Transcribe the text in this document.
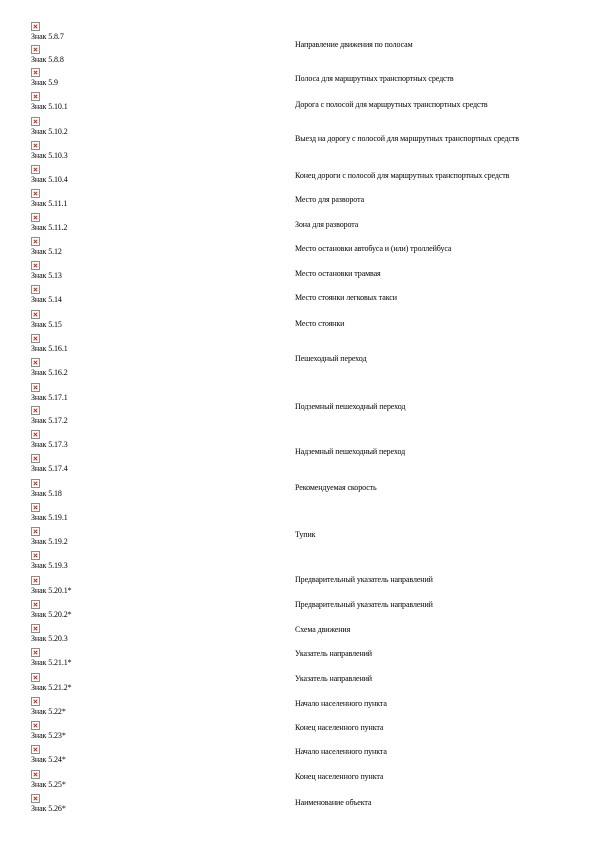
Знак 5.8.7
Знак 5.8.8
Знак 5.9
Знак 5.10.1
Знак 5.10.2
Знак 5.10.3
Знак 5.10.4
Знак 5.11.1
Знак 5.11.2
Знак 5.12
Знак 5.13
Знак 5.14
Знак 5.15
Знак 5.16.1
Знак 5.16.2
Знак 5.17.1
Знак 5.17.2
Знак 5.17.3
Знак 5.17.4
Знак 5.18
Знак 5.19.1
Знак 5.19.2
Знак 5.19.3
Знак 5.20.1*
Знак 5.20.2*
Знак 5.20.3
Знак 5.21.1*
Знак 5.21.2*
Знак 5.22*
Знак 5.23*
Знак 5.24*
Знак 5.25*
Знак 5.26*
Направление движения по полосам
Полоса для маршрутных транспортных средств
Дорога с полосой для маршрутных транспортных средств
Выезд на дорогу с полосой для маршрутных транспортных средств
Конец дороги с полосой для маршрутных транспортных средств
Место для разворота
Зона для разворота
Место остановки автобуса и (или) троллейбуса
Место остановки трамвая
Место стоянки легковых такси
Место стоянки
Пешеходный переход
Подземный пешеходный переход
Надземный пешеходный переход
Рекомендуемая скорость
Тупик
Предварительный указатель направлений
Предварительный указатель направлений
Схема движения
Указатель направлений
Указатель направлений
Начало населенного пункта
Конец населенного пункта
Начало населенного пункта
Конец населенного пункта
Наименование объекта
